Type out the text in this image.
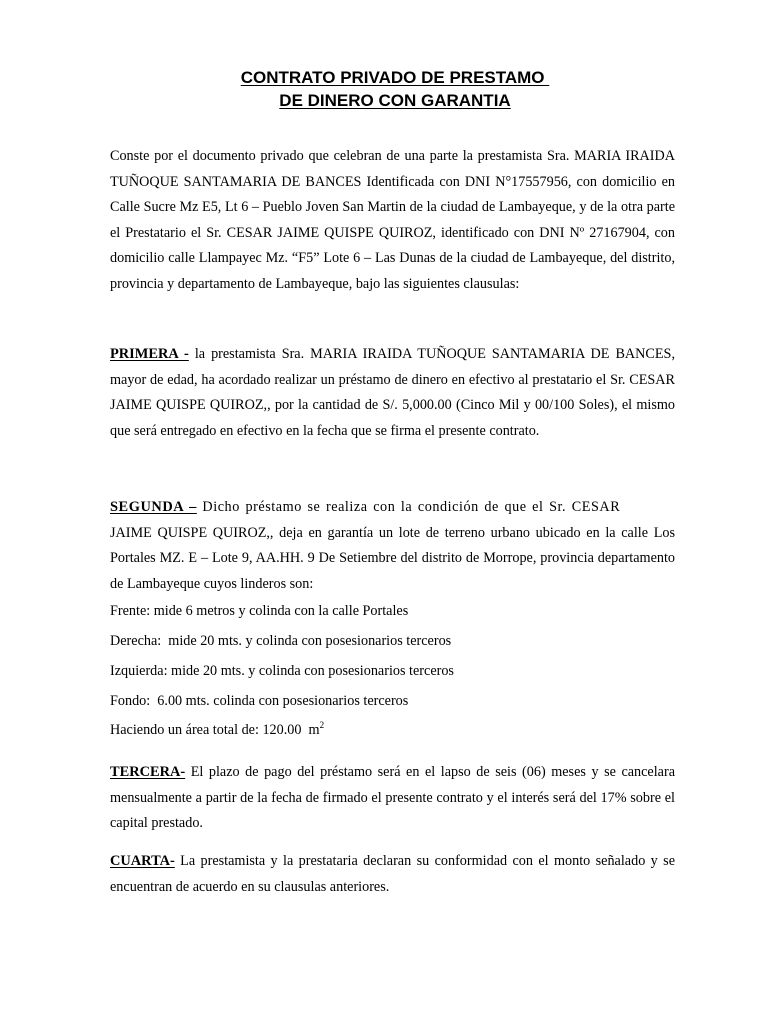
CONTRATO PRIVADO DE PRESTAMO
DE DINERO CON GARANTIA

Conste por el documento privado que celebran de una parte la prestamista Sra. MARIA IRAIDA TUÑOQUE SANTAMARIA DE BANCES Identificada con DNI N°17557956, con domicilio en Calle Sucre Mz E5, Lt 6 – Pueblo Joven San Martin de la ciudad de Lambayeque, y de la otra parte el Prestatario el Sr. CESAR JAIME QUISPE QUIROZ, identificado con DNI Nº 27167904, con domicilio calle Llampayec Mz. “F5” Lote 6 – Las Dunas de la ciudad de Lambayeque, del distrito, provincia y departamento de Lambayeque, bajo las siguientes clausulas:

PRIMERA - la prestamista Sra. MARIA IRAIDA TUÑOQUE SANTAMARIA DE BANCES, mayor de edad, ha acordado realizar un préstamo de dinero en efectivo al prestatario el Sr. CESAR JAIME QUISPE QUIROZ,, por la cantidad de S/. 5,000.00 (Cinco Mil y 00/100 Soles), el mismo que será entregado en efectivo en la fecha que se firma el presente contrato.

SEGUNDA – Dicho préstamo se realiza con la condición de que el Sr. CESAR
JAIME QUISPE QUIROZ,, deja en garantía un lote de terreno urbano ubicado en la calle Los Portales MZ. E – Lote 9, AA.HH. 9 De Setiembre del distrito de Morrope, provincia departamento de Lambayeque cuyos linderos son:

Frente: mide 6 metros y colinda con la calle Portales

Derecha:  mide 20 mts. y colinda con posesionarios terceros

Izquierda: mide 20 mts. y colinda con posesionarios terceros

Fondo:  6.00 mts. colinda con posesionarios terceros

Haciendo un área total de: 120.00  $m^2$

TERCERA- El plazo de pago del préstamo será en el lapso de seis (06) meses y se cancelara mensualmente a partir de la fecha de firmado el presente contrato y el interés será del 17% sobre el capital prestado.

CUARTA- La prestamista y la prestataria declaran su conformidad con el monto señalado y se encuentran de acuerdo en su clausulas anteriores.
